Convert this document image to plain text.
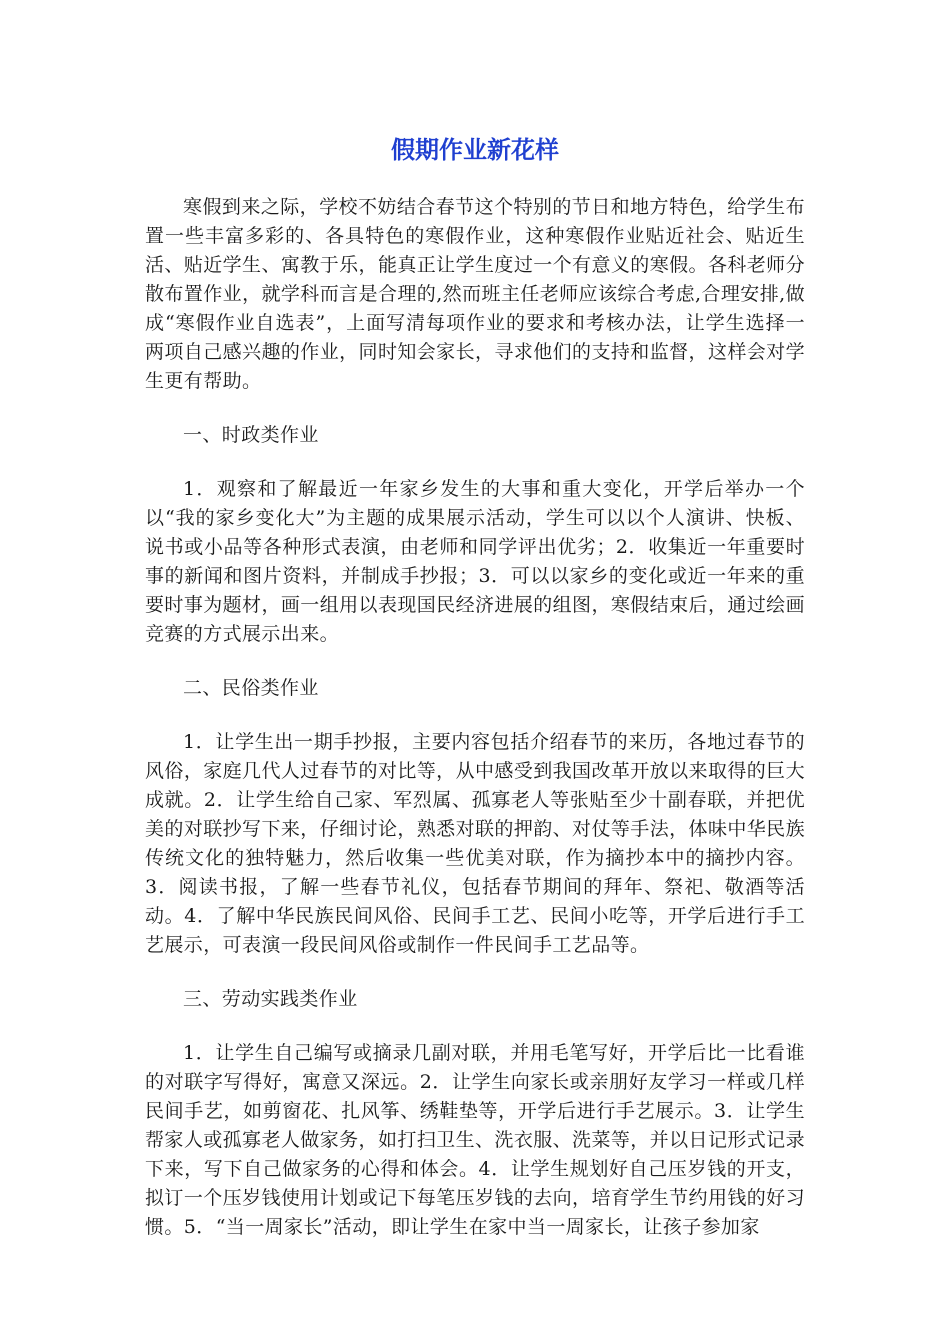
假期作业新花样

寒假到来之际，学校不妨结合春节这个特别的节日和地方特色，给学生布置一些丰富多彩的、各具特色的寒假作业，这种寒假作业贴近社会、贴近生活、贴近学生、寓教于乐，能真正让学生度过一个有意义的寒假。各科老师分散布置作业，就学科而言是合理的,然而班主任老师应该综合考虑,合理安排,做成“寒假作业自选表”，上面写清每项作业的要求和考核办法，让学生选择一两项自己感兴趣的作业，同时知会家长，寻求他们的支持和监督，这样会对学生更有帮助。

一、时政类作业

1．观察和了解最近一年家乡发生的大事和重大变化，开学后举办一个以“我的家乡变化大”为主题的成果展示活动，学生可以以个人演讲、快板、说书或小品等各种形式表演，由老师和同学评出优劣；2．收集近一年重要时事的新闻和图片资料，并制成手抄报；3．可以以家乡的变化或近一年来的重要时事为题材，画一组用以表现国民经济进展的组图，寒假结束后，通过绘画竞赛的方式展示出来。

二、民俗类作业

1．让学生出一期手抄报，主要内容包括介绍春节的来历，各地过春节的风俗，家庭几代人过春节的对比等，从中感受到我国改革开放以来取得的巨大成就。2．让学生给自己家、军烈属、孤寡老人等张贴至少十副春联，并把优美的对联抄写下来，仔细讨论，熟悉对联的押韵、对仗等手法，体味中华民族传统文化的独特魅力，然后收集一些优美对联，作为摘抄本中的摘抄内容。3．阅读书报，了解一些春节礼仪，包括春节期间的拜年、祭祀、敬酒等活动。4．了解中华民族民间风俗、民间手工艺、民间小吃等，开学后进行手工艺展示，可表演一段民间风俗或制作一件民间手工艺品等。

三、劳动实践类作业

1．让学生自己编写或摘录几副对联，并用毛笔写好，开学后比一比看谁的对联字写得好，寓意又深远。2．让学生向家长或亲朋好友学习一样或几样民间手艺，如剪窗花、扎风筝、绣鞋垫等，开学后进行手艺展示。3．让学生帮家人或孤寡老人做家务，如打扫卫生、洗衣服、洗菜等，并以日记形式记录下来，写下自己做家务的心得和体会。4．让学生规划好自己压岁钱的开支，拟订一个压岁钱使用计划或记下每笔压岁钱的去向，培育学生节约用钱的好习惯。5．“当一周家长”活动，即让学生在家中当一周家长，让孩子参加家
